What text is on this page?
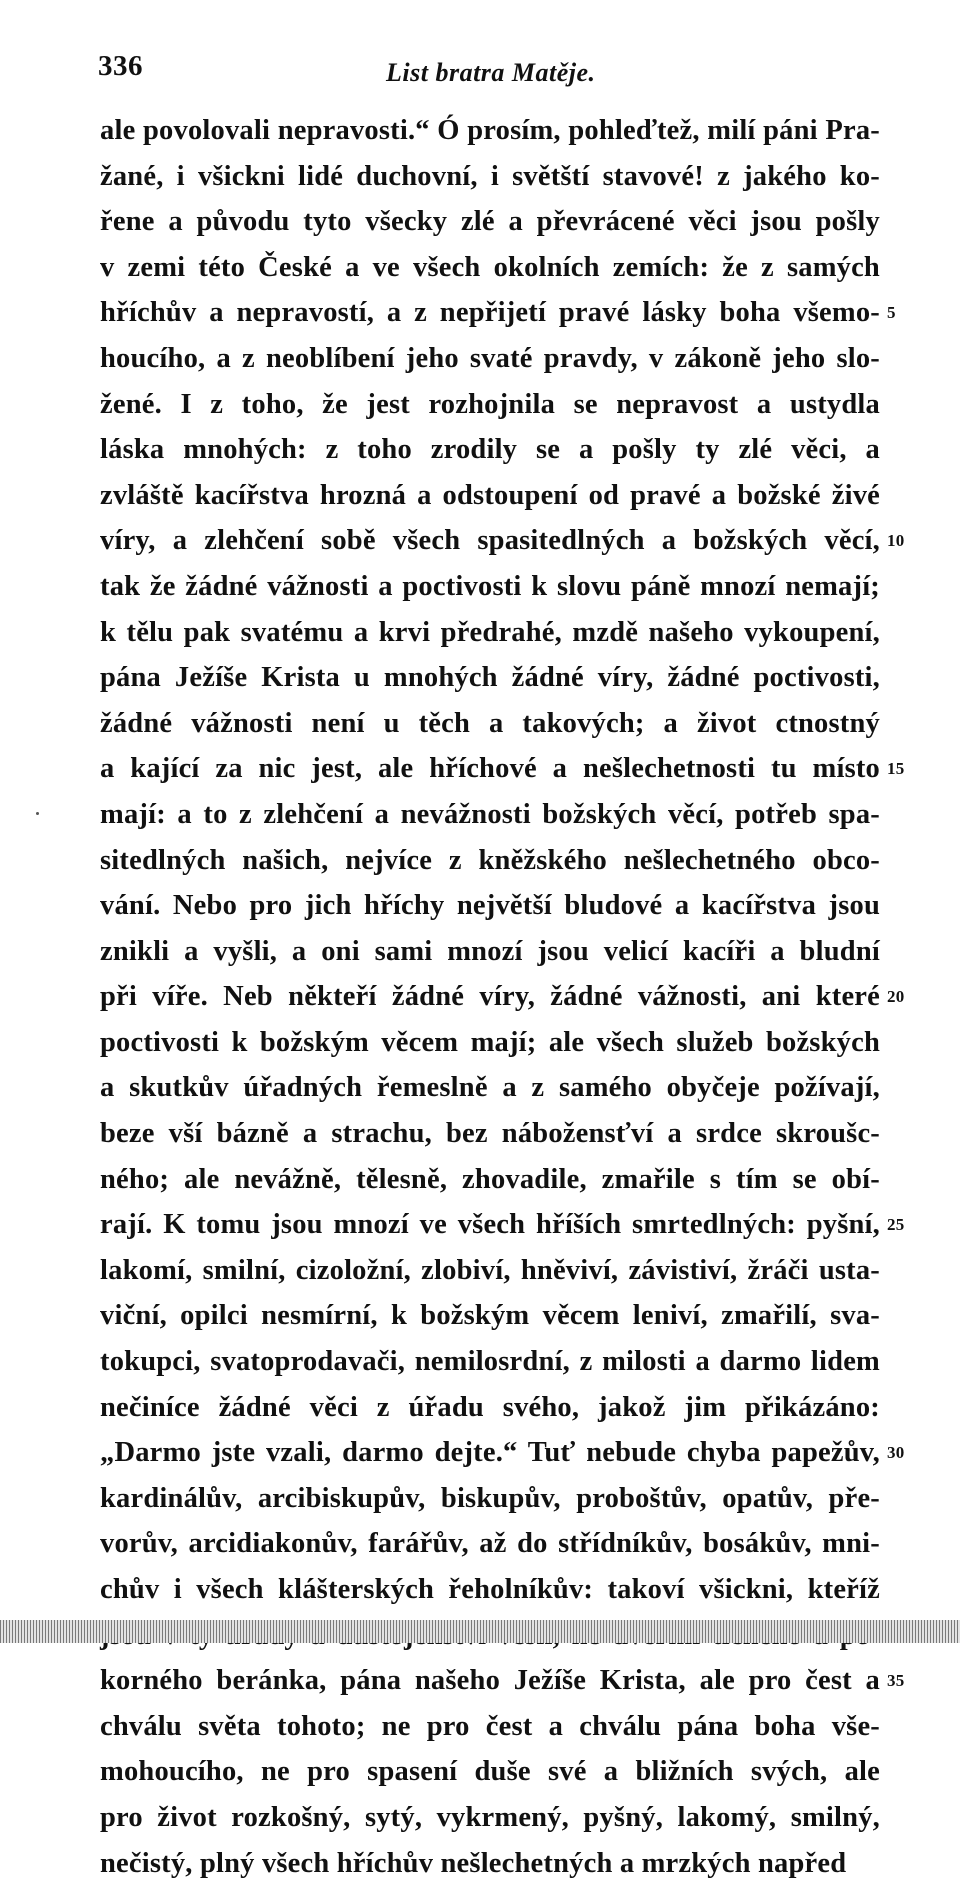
336	List bratra Matěje.
ale povolovali nepravosti.“ Ó prosím, pohleďtež, milí páni Pra-
žané, i všickni lidé duchovní, i světští stavové! z jakého ko-
řene a původu tyto všecky zlé a převrácené věci jsou pošly
v zemi této České a ve všech okolních zemích: že z samých
hříchův a nepravostí, a z nepřijetí pravé lásky boha všemo- 5
houcího, a z neoblíbení jeho svaté pravdy, v zákoně jeho slo-
žené. I z toho, že jest rozhojnila se nepravost a ustydla
láska mnohých: z toho zrodily se a pošly ty zlé věci, a
zvláště kacířstva hrozná a odstoupení od pravé a božské živé
víry, a zlehčení sobě všech spasitedlných a božských věcí, 10
tak že žádné vážnosti a poctivosti k slovu páně mnozí nemají;
k tělu pak svatému a krvi předrahé, mzdě našeho vykoupení,
pána Ježíše Krista u mnohých žádné víry, žádné poctivosti,
žádné vážnosti není u těch a takových; a život ctnostný
a kající za nic jest, ale hříchové a nešlechetnosti tu místo 15
mají: a to z zlehčení a nevážnosti božských věcí, potřeb spa-
sitedlných našich, nejvíce z kněžského nešlechetného obco-
vání. Nebo pro jich hříchy největší bludové a kacířstva jsou
znikli a vyšli, a oni sami mnozí jsou velicí kacíři a bludní
při víře. Neb někteří žádné víry, žádné vážnosti, ani které 20
poctivosti k božským věcem mají; ale všech služeb božských
a skutkův úřadných řemeslně a z samého obyčeje požívají,
beze vší bázně a strachu, bez nábožensťví a srdce skroušc-
ného; ale nevážně, tělesně, zhovadile, zmařile s tím se obí-
rají. K tomu jsou mnozí ve všech hříších smrtedlných: pyšní, 25
lakomí, smilní, cizoložní, zlobiví, hněviví, závistiví, žráči usta-
viční, opilci nesmírní, k božským věcem leniví, zmařilí, sva-
tokupci, svatoprodavači, nemilosrdní, z milosti a darmo lidem
nečiníce žádné věci z úřadu svého, jakož jim přikázáno:
„Darmo jste vzali, darmo dejte.“ Tuť nebude chyba papežův, 30
kardinálův, arcibiskupův, biskupův, proboštův, opatův, pře-
vorův, arcidiakonův, farářův, až do střídníkův, bosákův, mni-
chův i všech klášterských řeholníkův: takoví všickni, kteříž
korného beránka, pána našeho Ježíše Krista, ale pro čest a 35
chválu světa tohoto; ne pro čest a chválu pána boha vše-
mohoucího, ne pro spasení duše své a bližních svých, ale
pro život rozkošný, sytý, vykrmený, pyšný, lakomý, smilný,
nečistý, plný všech hříchův nešlechetných a mrzkých napřed
